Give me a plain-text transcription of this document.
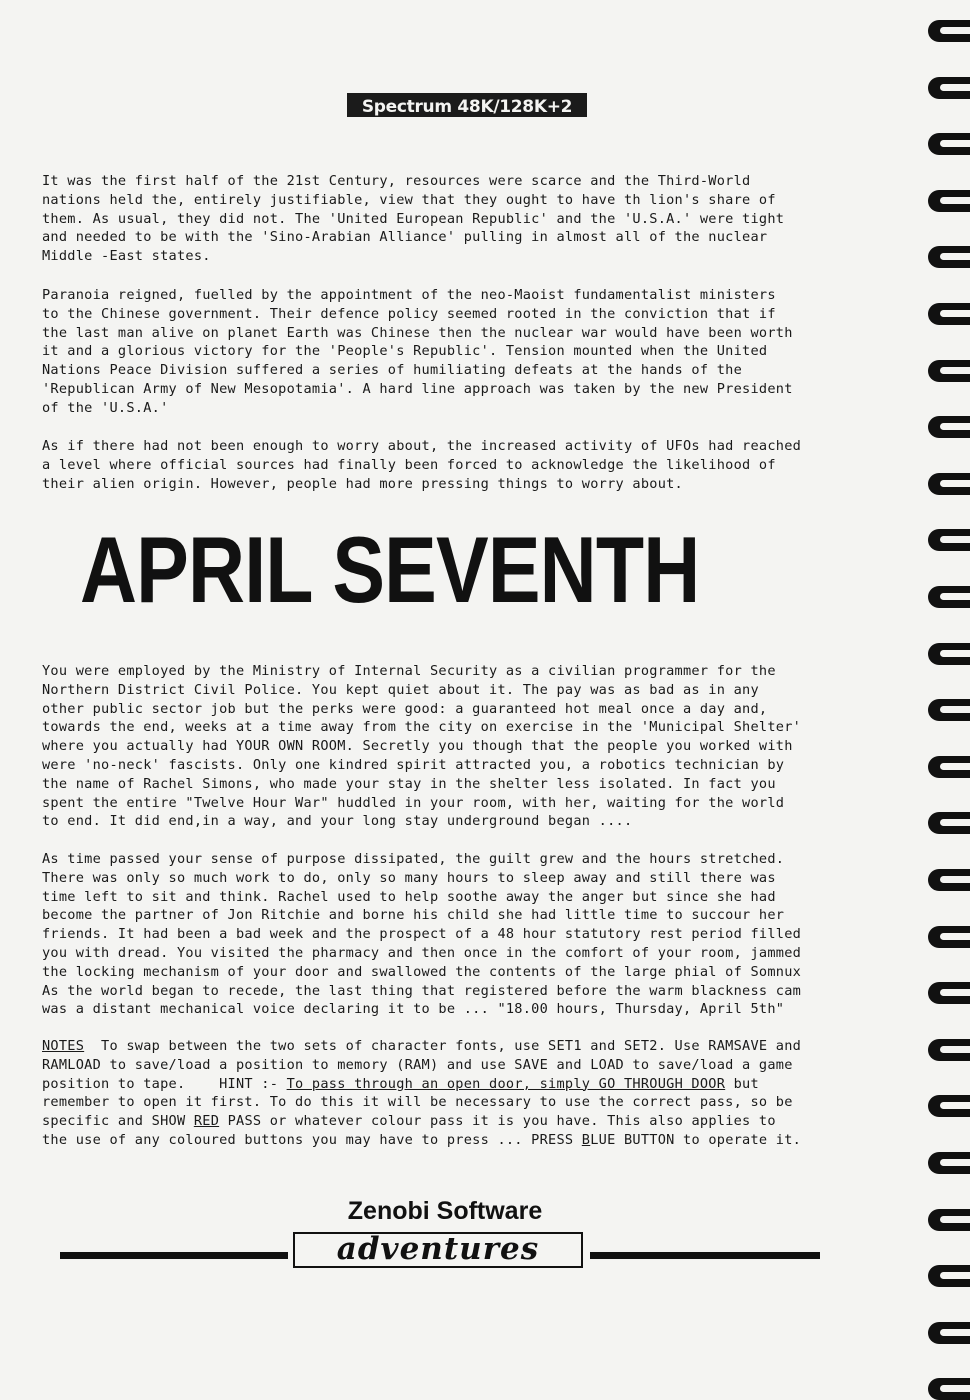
Spectrum 48K/128K+2

It was the first half of the 21st Century, resources were scarce and the Third-World
nations held the, entirely justifiable, view that they ought to have th lion's share of
them. As usual, they did not. The 'United European Republic' and the 'U.S.A.' were tight
and needed to be with the 'Sino-Arabian Alliance' pulling in almost all of the nuclear
Middle -East states.

Paranoia reigned, fuelled by the appointment of the neo-Maoist fundamentalist ministers
to the Chinese government. Their defence policy seemed rooted in the conviction that if
the last man alive on planet Earth was Chinese then the nuclear war would have been worth
it and a glorious victory for the 'People's Republic'. Tension mounted when the United
Nations Peace Division suffered a series of humiliating defeats at the hands of the
'Republican Army of New Mesopotamia'. A hard line approach was taken by the new President
of the 'U.S.A.'

As if there had not been enough to worry about, the increased activity of UFOs had reached
a level where official sources had finally been forced to acknowledge the likelihood of
their alien origin. However, people had more pressing things to worry about.

APRIL SEVENTH

You were employed by the Ministry of Internal Security as a civilian programmer for the
Northern District Civil Police. You kept quiet about it. The pay was as bad as in any
other public sector job but the perks were good: a guaranteed hot meal once a day and,
towards the end, weeks at a time away from the city on exercise in the 'Municipal Shelter'
where you actually had YOUR OWN ROOM. Secretly you though that the people you worked with
were 'no-neck' fascists. Only one kindred spirit attracted you, a robotics technician by
the name of Rachel Simons, who made your stay in the shelter less isolated. In fact you
spent the entire "Twelve Hour War" huddled in your room, with her, waiting for the world
to end. It did end,in a way, and your long stay underground began ....

As time passed your sense of purpose dissipated, the guilt grew and the hours stretched.
There was only so much work to do, only so many hours to sleep away and still there was
time left to sit and think. Rachel used to help soothe away the anger but since she had
become the partner of Jon Ritchie and borne his child she had little time to succour her
friends. It had been a bad week and the prospect of a 48 hour statutory rest period filled
you with dread. You visited the pharmacy and then once in the comfort of your room, jammed
the locking mechanism of your door and swallowed the contents of the large phial of Somnux
As the world began to recede, the last thing that registered before the warm blackness cam
was a distant mechanical voice declaring it to be ... "18.00 hours, Thursday, April 5th"

NOTES  To swap between the two sets of character fonts, use SET1 and SET2. Use RAMSAVE and
RAMLOAD to save/load a position to memory (RAM) and use SAVE and LOAD to save/load a game
position to tape.    HINT :- To pass through an open door, simply GO THROUGH DOOR but
remember to open it first. To do this it will be necessary to use the correct pass, so be
specific and SHOW RED PASS or whatever colour pass it is you have. This also applies to
the use of any coloured buttons you may have to press ... PRESS BLUE BUTTON to operate it.

Zenobi Software
adventures
